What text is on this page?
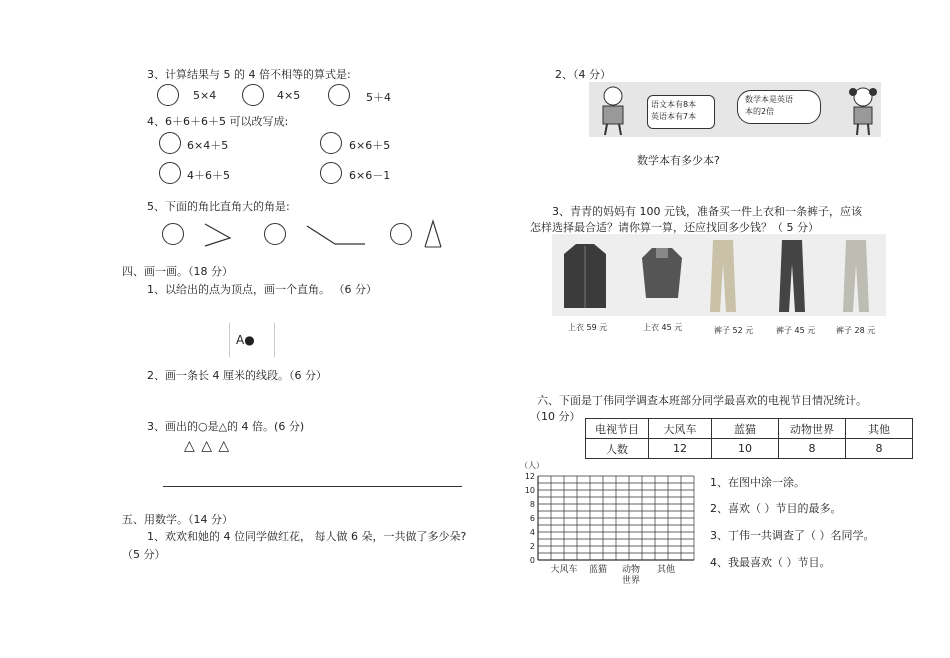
3、计算结果与 5 的 4 倍不相等的算式是:
5×4	4×5	5＋4
4、6＋6＋6＋5 可以改写成:
6×4＋5	6×6＋5
4＋6＋5	6×6－1
5、下面的角比直角大的角是:
四、画一画。（18 分）
1、以给出的点为顶点，画一个直角。 （6 分）
A●
2、画一条长 4 厘米的线段。（6 分）
3、画出的○是△的 4 倍。(6 分)
△ △ △
五、用数学。（14 分）
1、欢欢和她的 4 位同学做红花， 每人做 6 朵，一共做了多少朵?
（5 分）
2、（4 分）
语文本有8本
英语本有7本
数学本是英语
本的2倍
数学本有多少本?
3、青青的妈妈有 100 元钱，准备买一件上衣和一条裤子，应该
怎样选择最合适？请你算一算，还应找回多少钱？（ 5 分）
上衣 59 元	上衣 45 元	裤子 52 元	裤子 45 元	裤子 28 元
六、下面是丁伟同学调查本班部分同学最喜欢的电视节目情况统计。
（10 分）
电视节目	大风车	蓝猫	动物世界	其他
人数	12	10	8	8
（人）
0
2
4
6
8
10
12
大风车 蓝猫 动物
世界
其他
1、在图中涂一涂。
2、喜欢（ ）节目的最多。
3、丁伟一共调查了（ ）名同学。
4、我最喜欢（ ）节目。
